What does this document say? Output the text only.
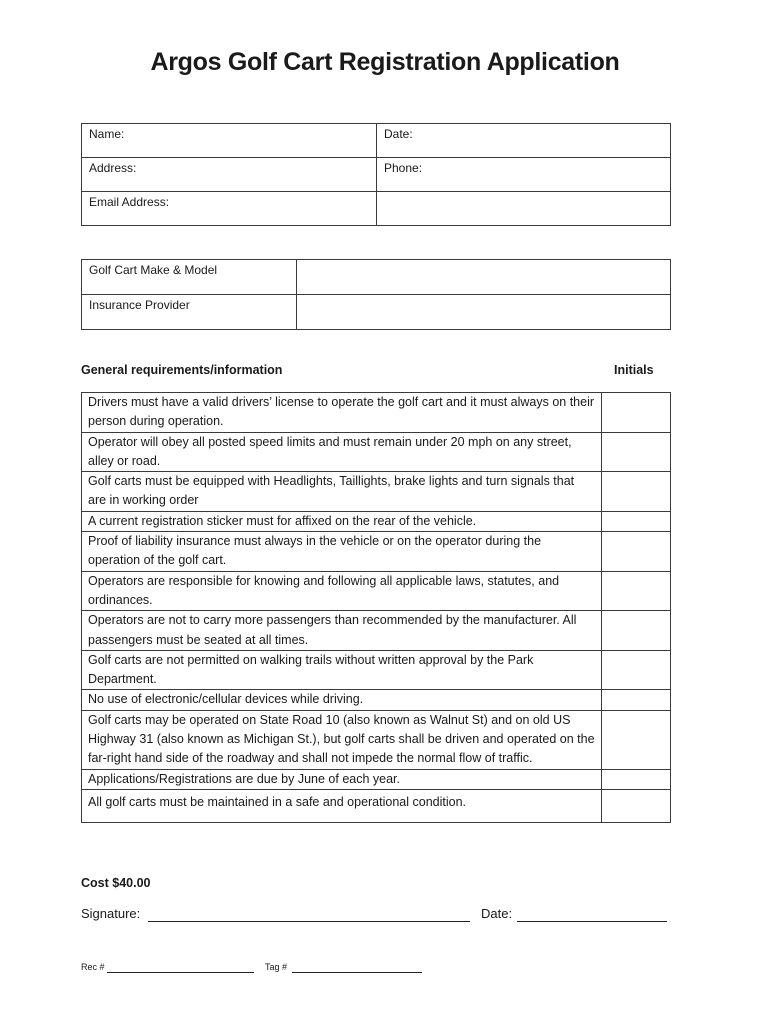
Argos Golf Cart Registration Application
Name:	Date:
Address:	Phone:
Email Address:	
Golf Cart Make & Model	
Insurance Provider	
General requirements/information	Initials
Drivers must have a valid drivers’ license to operate the golf cart and it must always on their person during operation.	
Operator will obey all posted speed limits and must remain under 20 mph on any street, alley or road.	
Golf carts must be equipped with Headlights, Taillights, brake lights and turn signals that are in working order	
A current registration sticker must for affixed on the rear of the vehicle.	
Proof of liability insurance must always in the vehicle or on the operator during the operation of the golf cart.	
Operators are responsible for knowing and following all applicable laws, statutes, and ordinances.	
Operators are not to carry more passengers than recommended by the manufacturer. All passengers must be seated at all times.	
Golf carts are not permitted on walking trails without written approval by the Park Department.	
No use of electronic/cellular devices while driving.	
Golf carts may be operated on State Road 10 (also known as Walnut St) and on old US Highway 31 (also known as Michigan St.), but golf carts shall be driven and operated on the far-right hand side of the roadway and shall not impede the normal flow of traffic.	
Applications/Registrations are due by June of each year.	
All golf carts must be maintained in a safe and operational condition.	
Cost $40.00
Signature:	Date:
Rec #	Tag #
